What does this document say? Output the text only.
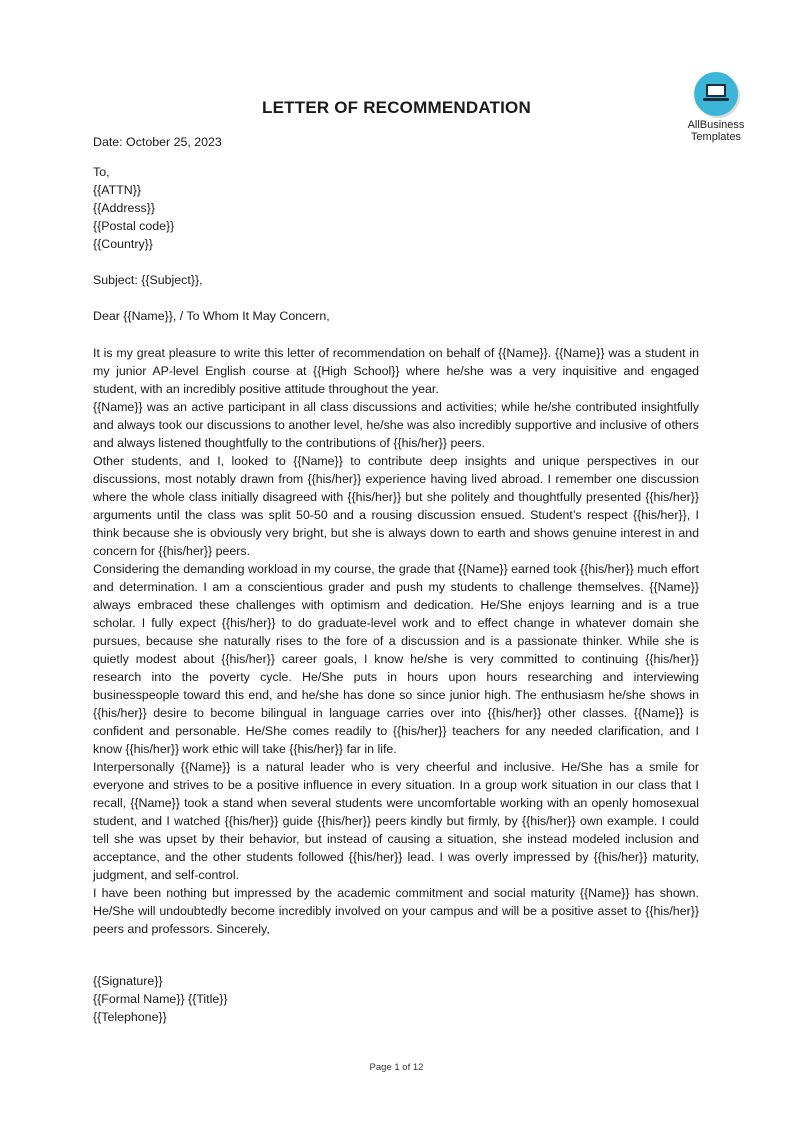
AllBusiness
Templates
LETTER OF RECOMMENDATION
Date: October 25, 2023
To,
{{ATTN}}
{{Address}}
{{Postal code}}
{{Country}}
Subject: {{Subject}},
Dear {{Name}}, / To Whom It May Concern,
It is my great pleasure to write this letter of recommendation on behalf of {{Name}}. {{Name}} was a student in my junior AP-level English course at {{High School}} where he/she was a very inquisitive and engaged student, with an incredibly positive attitude throughout the year.
{{Name}} was an active participant in all class discussions and activities; while he/she contributed insightfully and always took our discussions to another level, he/she was also incredibly supportive and inclusive of others and always listened thoughtfully to the contributions of {{his/her}} peers.
Other students, and I, looked to {{Name}} to contribute deep insights and unique perspectives in our discussions, most notably drawn from {{his/her}} experience having lived abroad. I remember one discussion where the whole class initially disagreed with {{his/her}} but she politely and thoughtfully presented {{his/her}} arguments until the class was split 50-50 and a rousing discussion ensued. Student’s respect {{his/her}}, I think because she is obviously very bright, but she is always down to earth and shows genuine interest in and concern for {{his/her}} peers.
Considering the demanding workload in my course, the grade that {{Name}} earned took {{his/her}} much effort and determination. I am a conscientious grader and push my students to challenge themselves. {{Name}} always embraced these challenges with optimism and dedication. He/She enjoys learning and is a true scholar. I fully expect {{his/her}} to do graduate-level work and to effect change in whatever domain she pursues, because she naturally rises to the fore of a discussion and is a passionate thinker. While she is quietly modest about {{his/her}} career goals, I know he/she is very committed to continuing {{his/her}} research into the poverty cycle. He/She puts in hours upon hours researching and interviewing businesspeople toward this end, and he/she has done so since junior high. The enthusiasm he/she shows in {{his/her}} desire to become bilingual in language carries over into {{his/her}} other classes. {{Name}} is confident and personable. He/She comes readily to {{his/her}} teachers for any needed clarification, and I know {{his/her}} work ethic will take {{his/her}} far in life.
Interpersonally {{Name}} is a natural leader who is very cheerful and inclusive. He/She has a smile for everyone and strives to be a positive influence in every situation. In a group work situation in our class that I recall, {{Name}} took a stand when several students were uncomfortable working with an openly homosexual student, and I watched {{his/her}} guide {{his/her}} peers kindly but firmly, by {{his/her}} own example. I could tell she was upset by their behavior, but instead of causing a situation, she instead modeled inclusion and acceptance, and the other students followed {{his/her}} lead. I was overly impressed by {{his/her}} maturity, judgment, and self-control.
I have been nothing but impressed by the academic commitment and social maturity {{Name}} has shown. He/She will undoubtedly become incredibly involved on your campus and will be a positive asset to {{his/her}} peers and professors. Sincerely,
{{Signature}}
{{Formal Name}} {{Title}}
{{Telephone}}
Page 1 of 12
